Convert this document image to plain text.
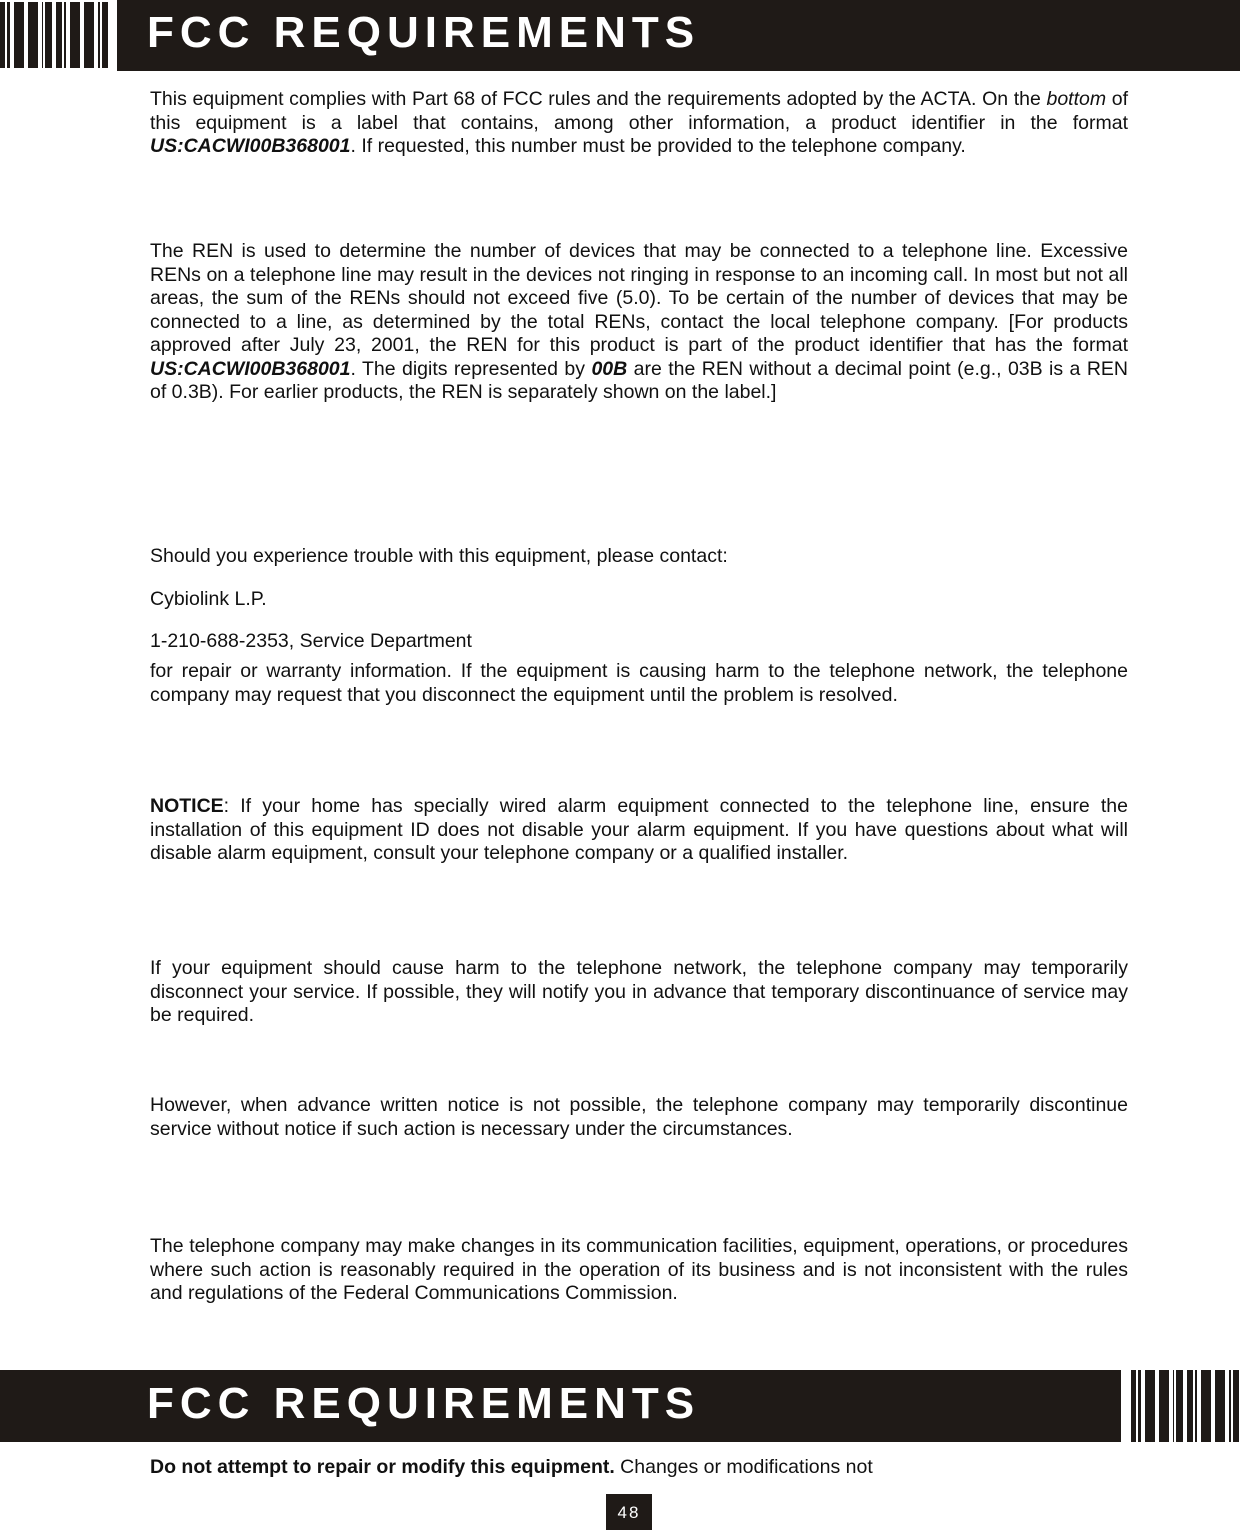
FCC REQUIREMENTS
This equipment complies with Part 68 of FCC rules and the requirements adopted by the ACTA. On the bottom of this equipment is a label that contains, among other information, a product identifier in the format US:CACWI00B368001. If requested, this number must be provided to the telephone company.
The REN is used to determine the number of devices that may be connected to a telephone line. Excessive RENs on a telephone line may result in the devices not ringing in response to an incoming call. In most but not all areas, the sum of the RENs should not exceed five (5.0). To be certain of the number of devices that may be connected to a line, as determined by the total RENs, contact the local telephone company. [For products approved after July 23, 2001, the REN for this product is part of the product identifier that has the format US:CACWI00B368001. The digits represented by 00B are the REN without a decimal point (e.g., 03B is a REN of 0.3B). For earlier products, the REN is separately shown on the label.]
Should you experience trouble with this equipment, please contact:
Cybiolink L.P.
1-210-688-2353, Service Department
for repair or warranty information. If the equipment is causing harm to the telephone network, the telephone company may request that you disconnect the equipment until the problem is resolved.
NOTICE: If your home has specially wired alarm equipment connected to the telephone line, ensure the installation of this equipment ID does not disable your alarm equipment. If you have questions about what will disable alarm equipment, consult your telephone company or a qualified installer.
If your equipment should cause harm to the telephone network, the telephone company may temporarily disconnect your service. If possible, they will notify you in advance that temporary discontinuance of service may be required.
However, when advance written notice is not possible, the telephone company may temporarily discontinue service without notice if such action is necessary under the circumstances.
The telephone company may make changes in its communication facilities, equipment, operations, or procedures where such action is reasonably required in the operation of its business and is not inconsistent with the rules and regulations of the Federal Communications Commission.
Do not attempt to repair or modify this equipment. Changes or modifications not
FCC REQUIREMENTS
48
